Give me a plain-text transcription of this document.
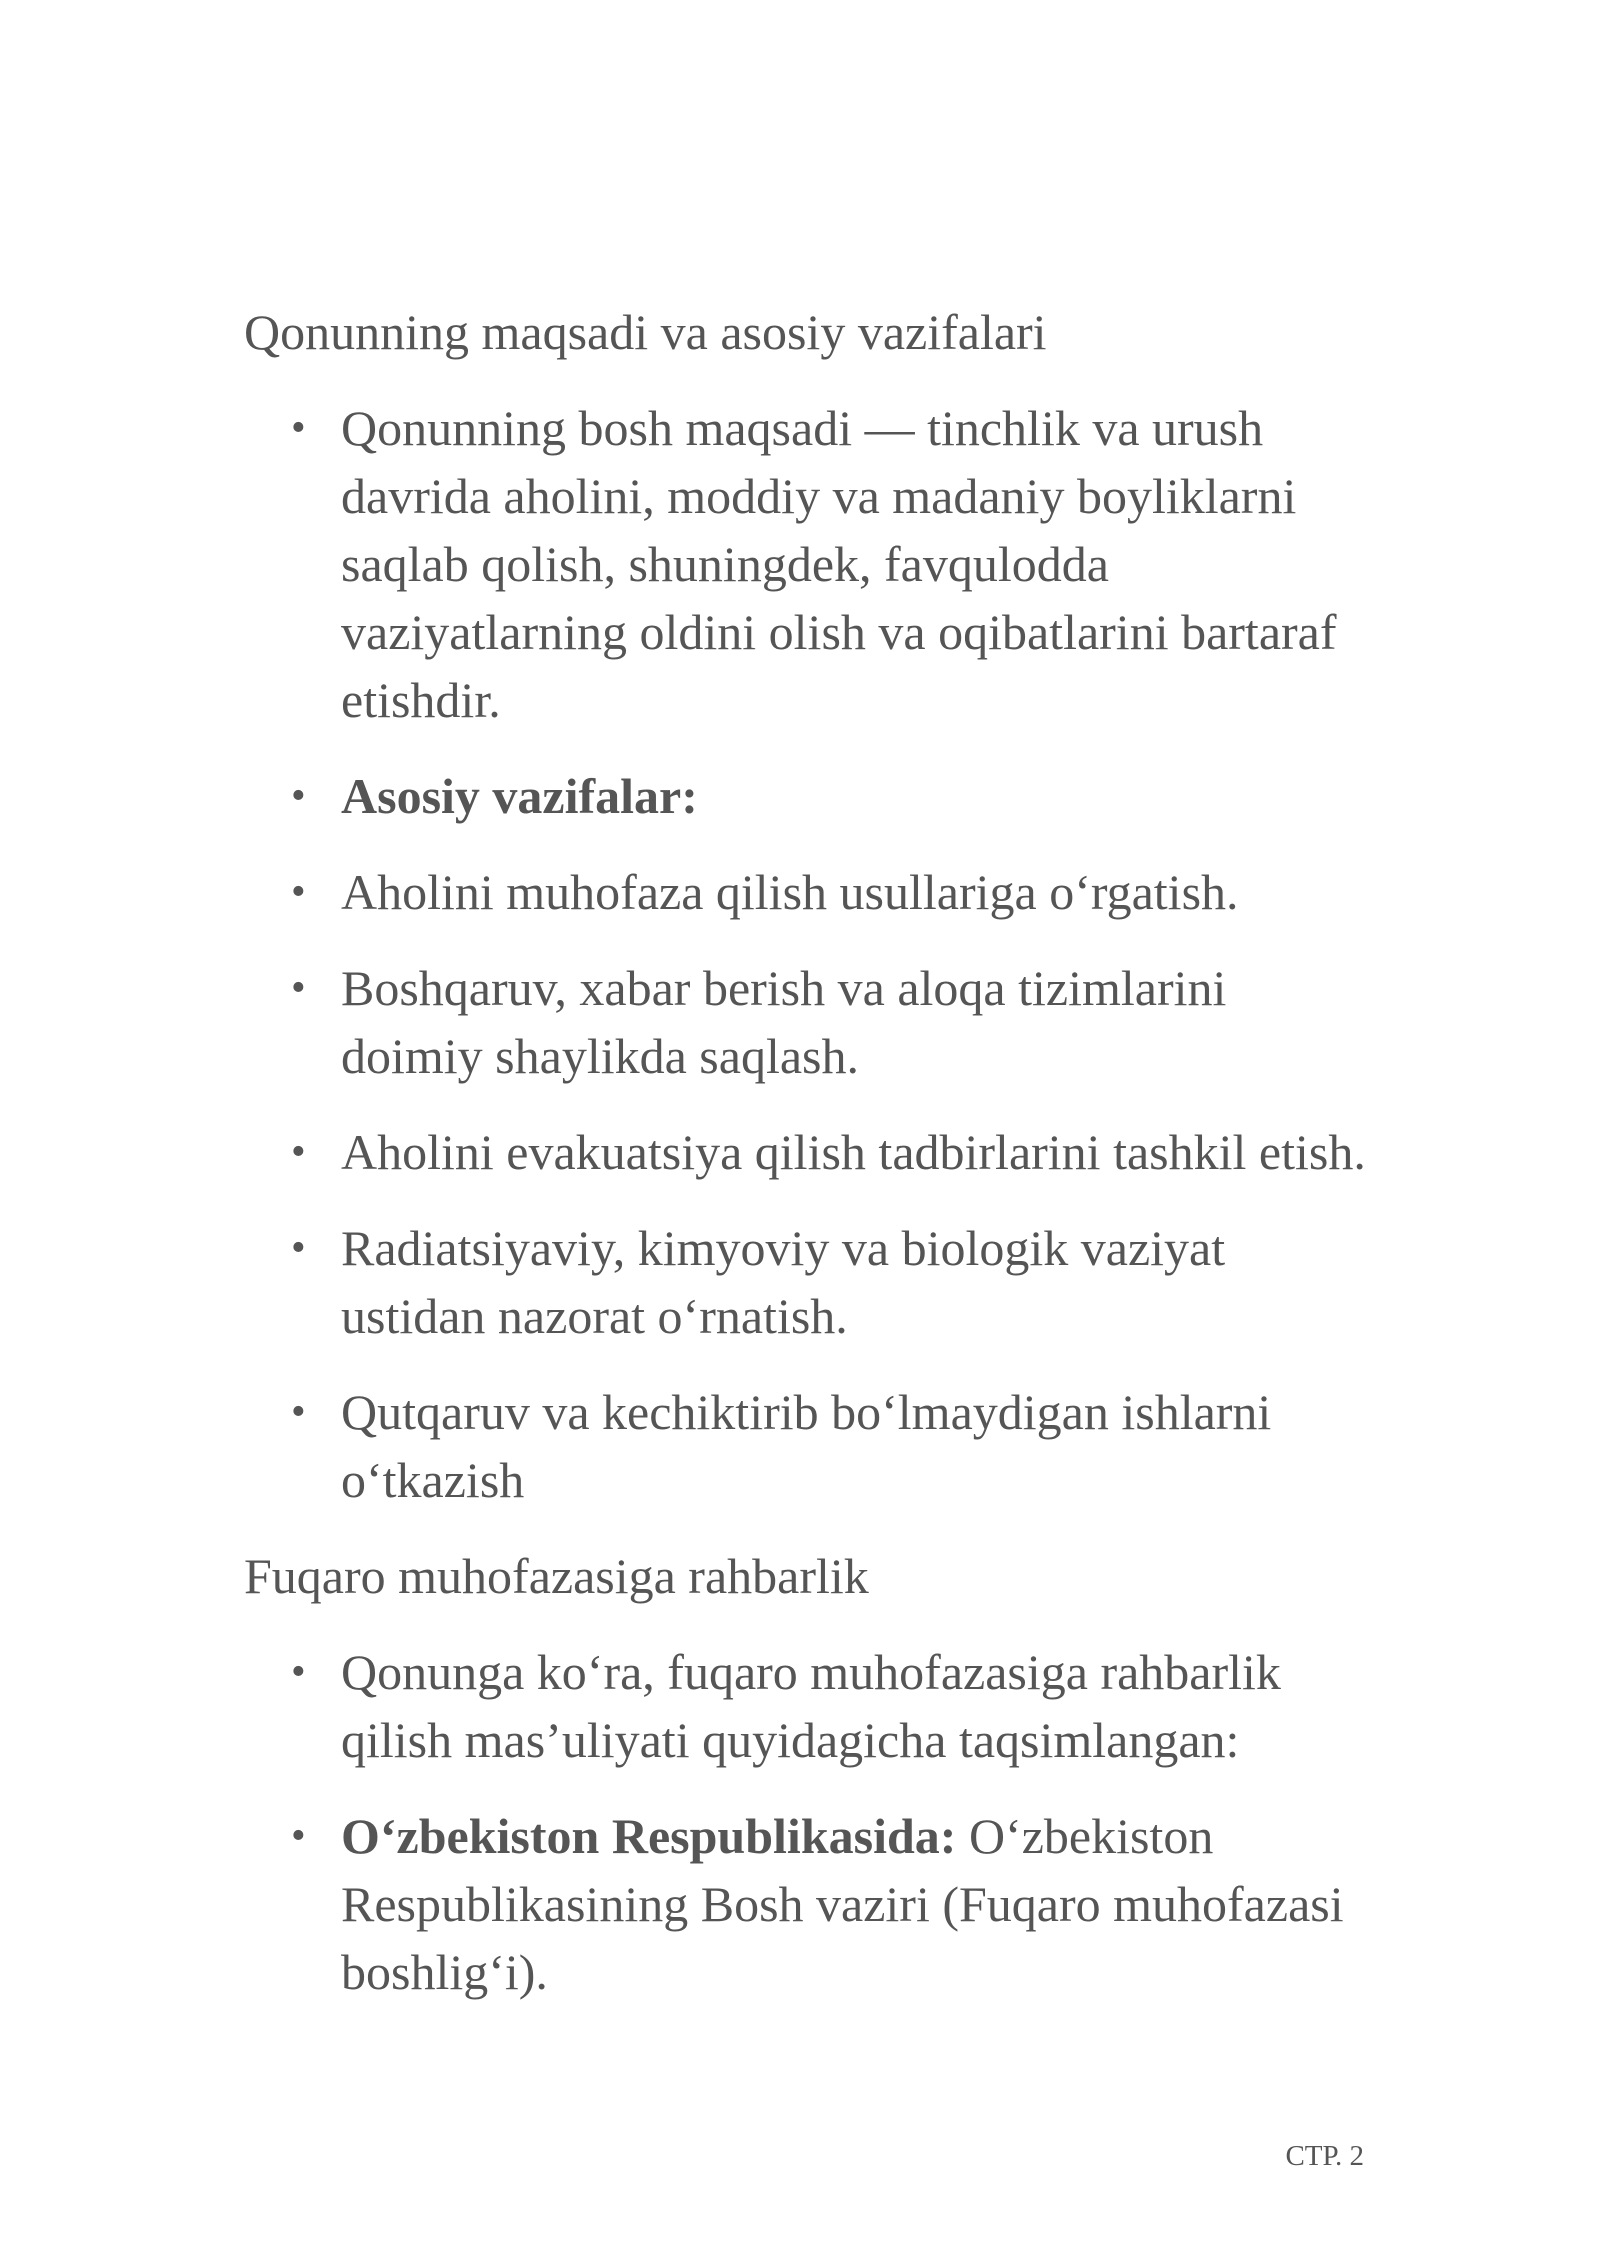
Qonunning maqsadi va asosiy vazifalari
• Qonunning bosh maqsadi — tinchlik va urush davrida aholini, moddiy va madaniy boyliklarni saqlab qolish, shuningdek, favqulodda vaziyatlarning oldini olish va oqibatlarini bartaraf etishdir.
• Asosiy vazifalar:
• Aholini muhofaza qilish usullariga o‘rgatish.
• Boshqaruv, xabar berish va aloqa tizimlarini doimiy shaylikda saqlash.
• Aholini evakuatsiya qilish tadbirlarini tashkil etish.
• Radiatsiyaviy, kimyoviy va biologik vaziyat ustidan nazorat o‘rnatish.
• Qutqaruv va kechiktirib bo‘lmaydigan ishlarni o‘tkazish
Fuqaro muhofazasiga rahbarlik
• Qonunga ko‘ra, fuqaro muhofazasiga rahbarlik qilish mas’uliyati quyidagicha taqsimlangan:
• O‘zbekiston Respublikasida: O‘zbekiston Respublikasining Bosh vaziri (Fuqaro muhofazasi boshlig‘i).
СТР. 2
